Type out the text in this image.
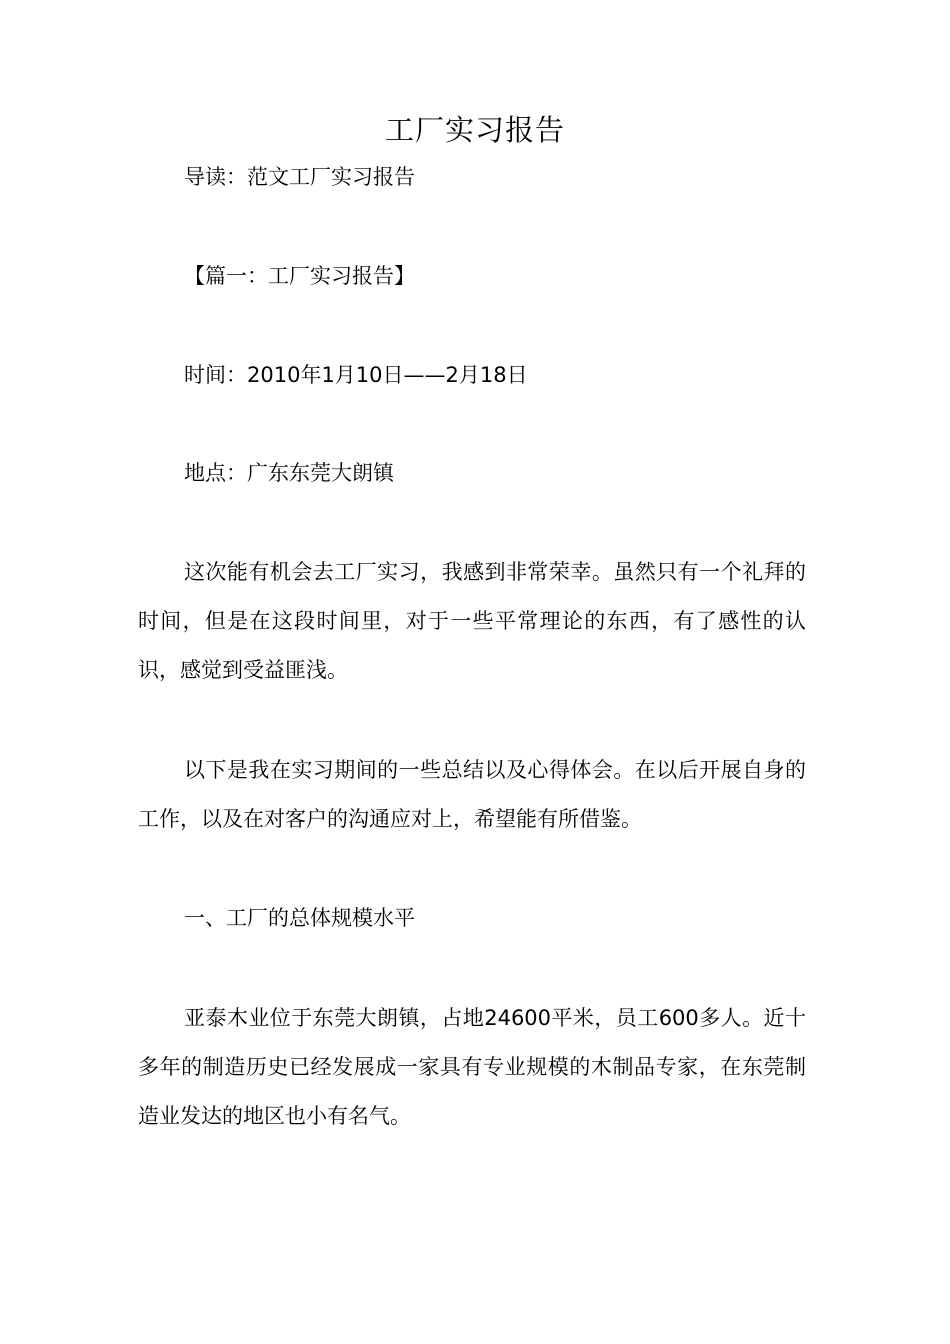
工厂实习报告
导读：范文工厂实习报告
【篇一：工厂实习报告】
时间：2010年1月10日——2月18日
地点：广东东莞大朗镇
这次能有机会去工厂实习，我感到非常荣幸。虽然只有一个礼拜的时间，但是在这段时间里，对于一些平常理论的东西，有了感性的认识，感觉到受益匪浅。
以下是我在实习期间的一些总结以及心得体会。在以后开展自身的工作，以及在对客户的沟通应对上，希望能有所借鉴。
一、工厂的总体规模水平
亚泰木业位于东莞大朗镇，占地24600平米，员工600多人。近十多年的制造历史已经发展成一家具有专业规模的木制品专家，在东莞制造业发达的地区也小有名气。
